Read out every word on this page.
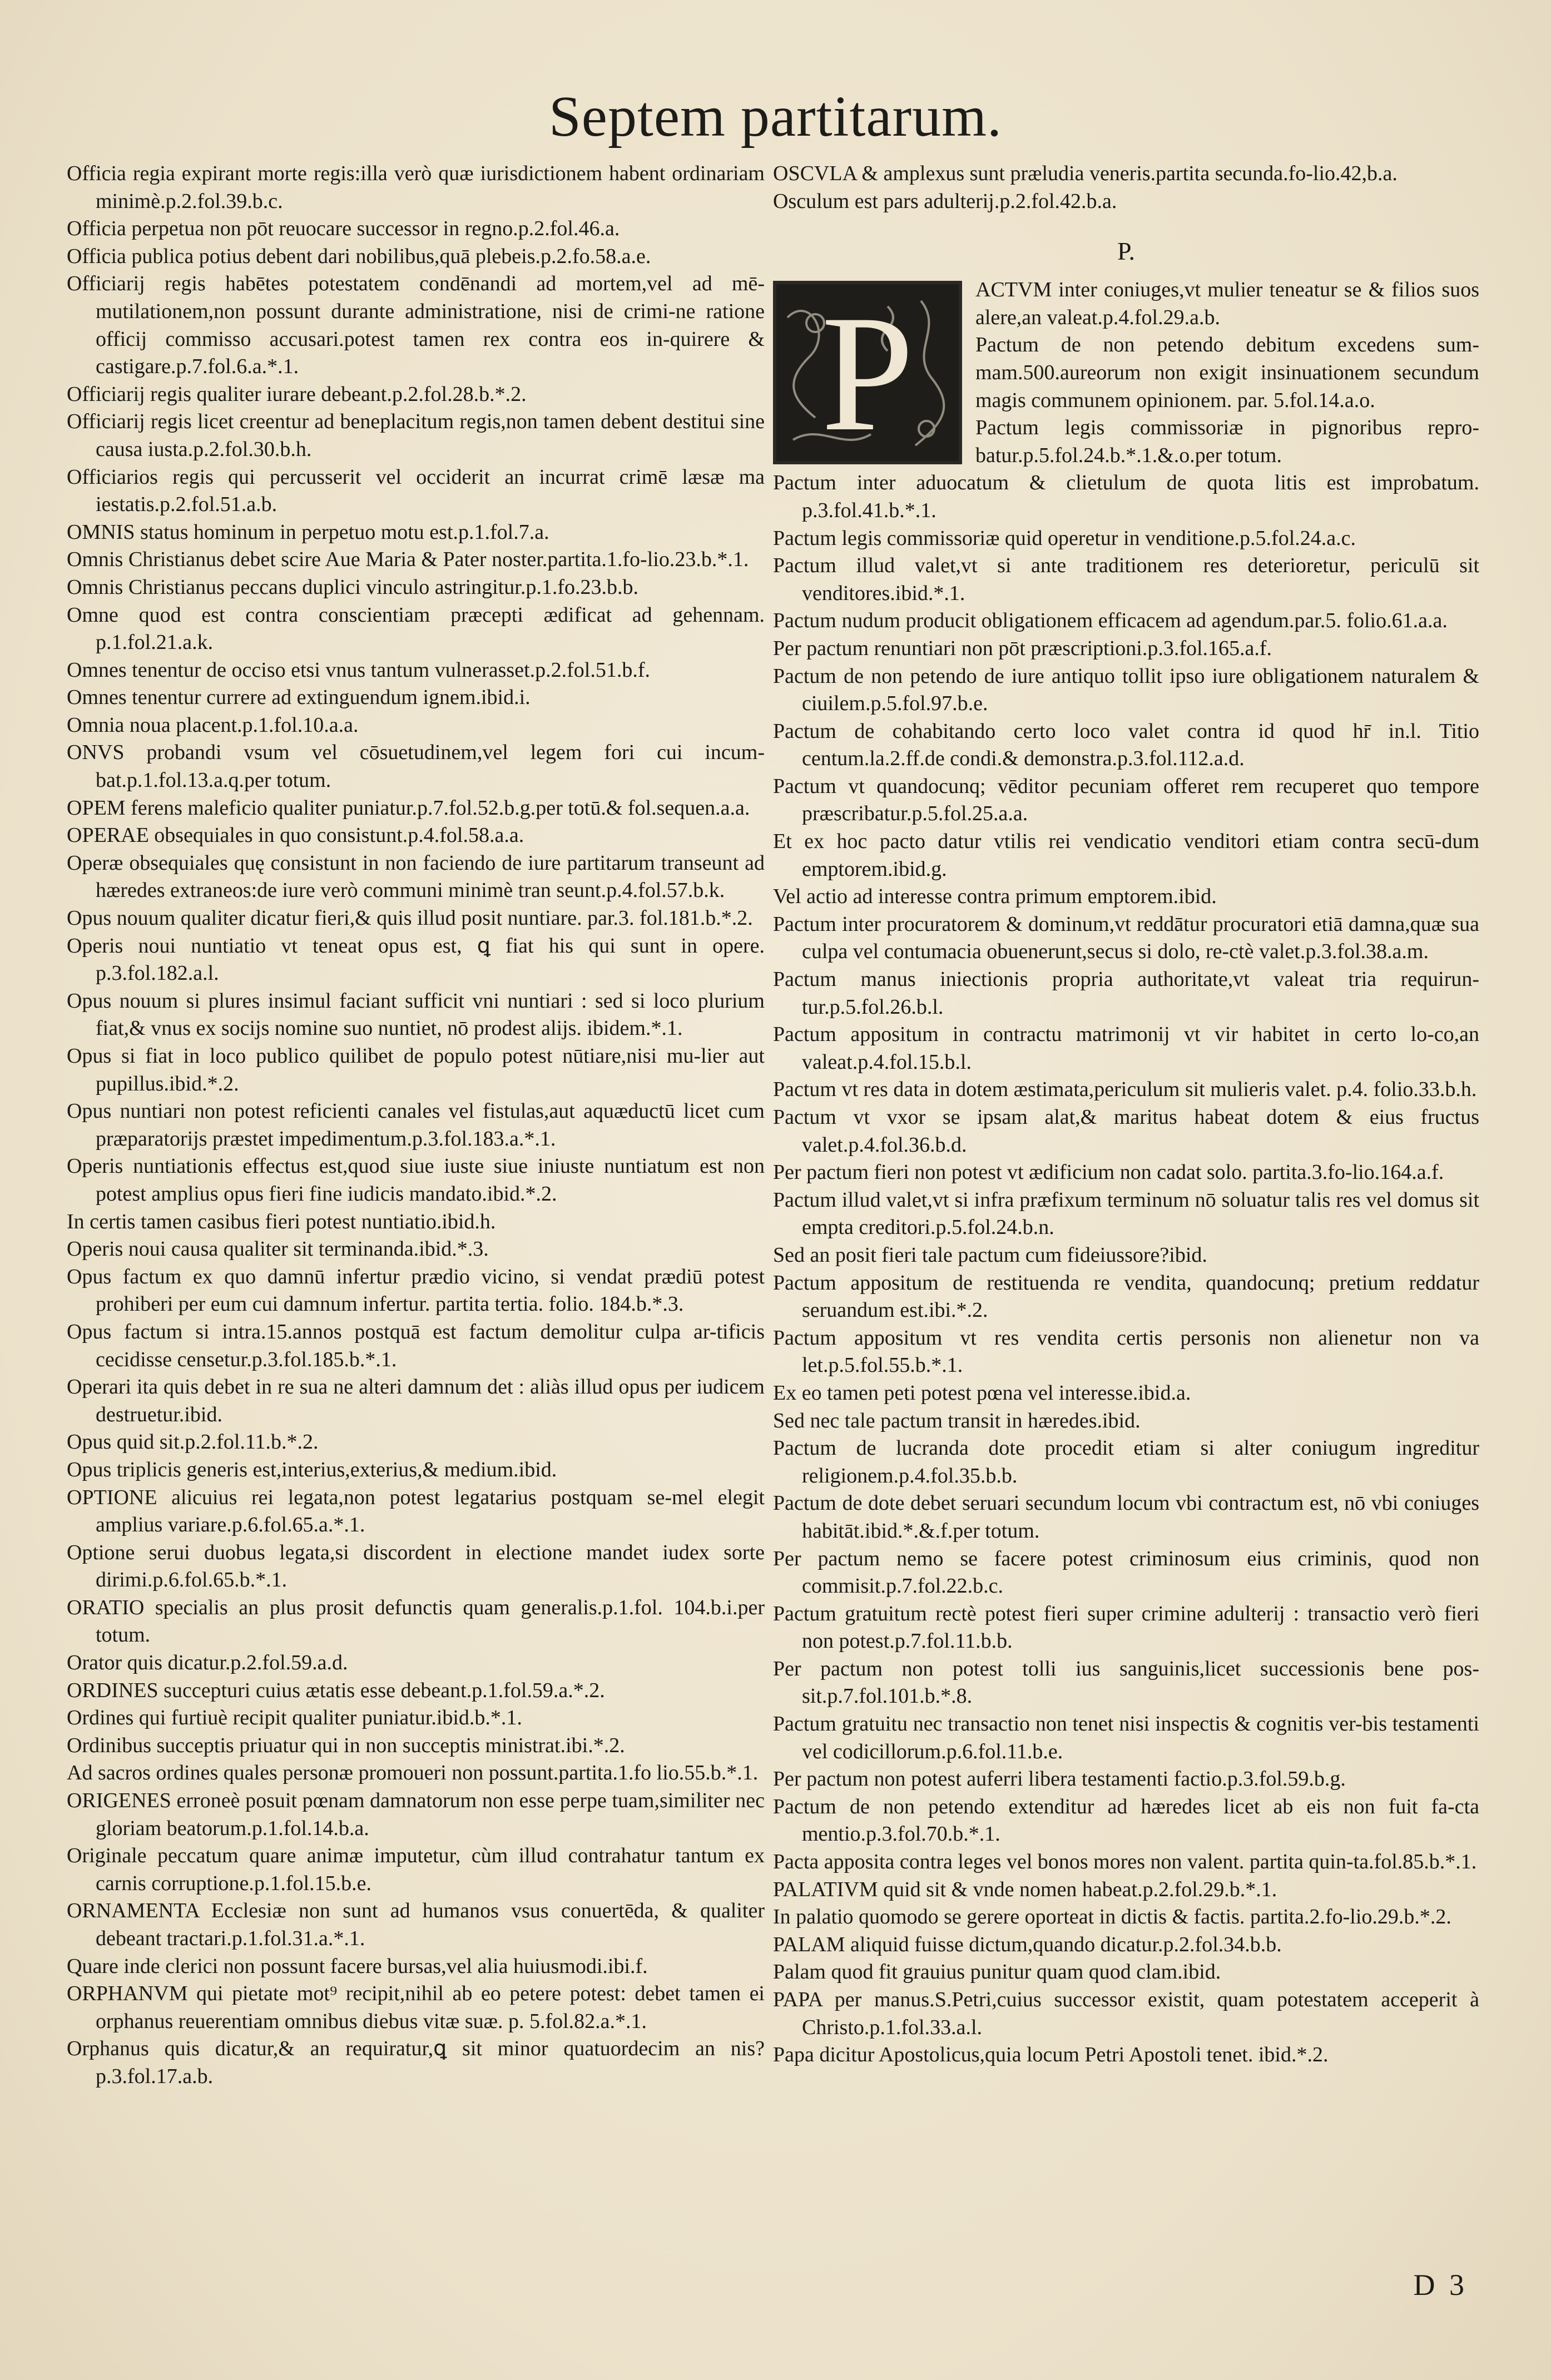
Septem partitarum.

Officia regia expirant morte regis:illa verò quæ iurisdictionem habent ordinariam minimè.p.2.fol.39.b.c.

Officia perpetua non pōt reuocare successor in regno.p.2.fol.46.a.

Officia publica potius debent dari nobilibus,quā plebeis.p.2.fo.58.a.e.

Officiarij regis habētes potestatem condēnandi ad mortem,vel ad mē-mutilationem,non possunt durante administratione, nisi de crimi-ne ratione officij commisso accusari.potest tamen rex contra eos in-quirere & castigare.p.7.fol.6.a.*.1.

Officiarij regis qualiter iurare debeant.p.2.fol.28.b.*.2.

Officiarij regis licet creentur ad beneplacitum regis,non tamen debent destitui sine causa iusta.p.2.fol.30.b.h.

Officiarios regis qui percusserit vel occiderit an incurrat crimē læsæ ma iestatis.p.2.fol.51.a.b.

OMNIS status hominum in perpetuo motu est.p.1.fol.7.a.

Omnis Christianus debet scire Aue Maria & Pater noster.partita.1.fo-lio.23.b.*.1.

Omnis Christianus peccans duplici vinculo astringitur.p.1.fo.23.b.b.

Omne quod est contra conscientiam præcepti ædificat ad gehennam. p.1.fol.21.a.k.

Omnes tenentur de occiso etsi vnus tantum vulnerasset.p.2.fol.51.b.f.

Omnes tenentur currere ad extinguendum ignem.ibid.i.

Omnia noua placent.p.1.fol.10.a.a.

ONVS probandi vsum vel cōsuetudinem,vel legem fori cui incum-bat.p.1.fol.13.a.q.per totum.

OPEM ferens maleficio qualiter puniatur.p.7.fol.52.b.g.per totū.& fol.sequen.a.a.

OPERAE obsequiales in quo consistunt.p.4.fol.58.a.a.

Operæ obsequiales quę consistunt in non faciendo de iure partitarum transeunt ad hæredes extraneos:de iure verò communi minimè tran seunt.p.4.fol.57.b.k.

Opus nouum qualiter dicatur fieri,& quis illud posit nuntiare. par.3. fol.181.b.*.2.

Operis noui nuntiatio vt teneat opus est, ꝗ fiat his qui sunt in opere. p.3.fol.182.a.l.

Opus nouum si plures insimul faciant sufficit vni nuntiari : sed si loco plurium fiat,& vnus ex socijs nomine suo nuntiet, nō prodest alijs. ibidem.*.1.

Opus si fiat in loco publico quilibet de populo potest nūtiare,nisi mu-lier aut pupillus.ibid.*.2.

Opus nuntiari non potest reficienti canales vel fistulas,aut aquæductū licet cum præparatorijs præstet impedimentum.p.3.fol.183.a.*.1.

Operis nuntiationis effectus est,quod siue iuste siue iniuste nuntiatum est non potest amplius opus fieri fine iudicis mandato.ibid.*.2.

In certis tamen casibus fieri potest nuntiatio.ibid.h.

Operis noui causa qualiter sit terminanda.ibid.*.3.

Opus factum ex quo damnū infertur prædio vicino, si vendat prædiū potest prohiberi per eum cui damnum infertur. partita tertia. folio. 184.b.*.3.

Opus factum si intra.15.annos postquā est factum demolitur culpa ar-tificis cecidisse censetur.p.3.fol.185.b.*.1.

Operari ita quis debet in re sua ne alteri damnum det : aliàs illud opus per iudicem destruetur.ibid.

Opus quid sit.p.2.fol.11.b.*.2.

Opus triplicis generis est,interius,exterius,& medium.ibid.

OPTIONE alicuius rei legata,non potest legatarius postquam se-mel elegit amplius variare.p.6.fol.65.a.*.1.

Optione serui duobus legata,si discordent in electione mandet iudex sorte dirimi.p.6.fol.65.b.*.1.

ORATIO specialis an plus prosit defunctis quam generalis.p.1.fol. 104.b.i.per totum.

Orator quis dicatur.p.2.fol.59.a.d.

ORDINES succepturi cuius ætatis esse debeant.p.1.fol.59.a.*.2.

Ordines qui furtiuè recipit qualiter puniatur.ibid.b.*.1.

Ordinibus succeptis priuatur qui in non succeptis ministrat.ibi.*.2.

Ad sacros ordines quales personæ promoueri non possunt.partita.1.fo lio.55.b.*.1.

ORIGENES erroneè posuit pœnam damnatorum non esse perpe tuam,similiter nec gloriam beatorum.p.1.fol.14.b.a.

Originale peccatum quare animæ imputetur, cùm illud contrahatur tantum ex carnis corruptione.p.1.fol.15.b.e.

ORNAMENTA Ecclesiæ non sunt ad humanos vsus conuertēda, & qualiter debeant tractari.p.1.fol.31.a.*.1.

Quare inde clerici non possunt facere bursas,vel alia huiusmodi.ibi.f.

ORPHANVM qui pietate mot⁹ recipit,nihil ab eo petere potest: debet tamen ei orphanus reuerentiam omnibus diebus vitæ suæ. p. 5.fol.82.a.*.1.

Orphanus quis dicatur,& an requiratur,ꝗ sit minor quatuordecim an nis?p.3.fol.17.a.b.

OSCVLA & amplexus sunt præludia veneris.partita secunda.fo-lio.42,b.a.

Osculum est pars adulterij.p.2.fol.42.b.a.

P.
P	ACTVM inter coniuges,vt mulier teneatur se & filios suos alere,an valeat.p.4.fol.29.a.b.

Pactum de non petendo debitum excedens sum-mam.500.aureorum non exigit insinuationem secundum magis communem opinionem. par. 5.fol.14.a.o.

Pactum legis commissoriæ in pignoribus repro-batur.p.5.fol.24.b.*.1.&.o.per totum.

Pactum inter aduocatum & clietulum de quota litis est improbatum. p.3.fol.41.b.*.1.

Pactum legis commissoriæ quid operetur in venditione.p.5.fol.24.a.c.

Pactum illud valet,vt si ante traditionem res deterioretur, periculū sit venditores.ibid.*.1.

Pactum nudum producit obligationem efficacem ad agendum.par.5. folio.61.a.a.

Per pactum renuntiari non pōt præscriptioni.p.3.fol.165.a.f.

Pactum de non petendo de iure antiquo tollit ipso iure obligationem naturalem & ciuilem.p.5.fol.97.b.e.

Pactum de cohabitando certo loco valet contra id quod hr̄ in.l. Titio centum.la.2.ff.de condi.& demonstra.p.3.fol.112.a.d.

Pactum vt quandocunq; vēditor pecuniam offeret rem recuperet quo tempore præscribatur.p.5.fol.25.a.a.

Et ex hoc pacto datur vtilis rei vendicatio venditori etiam contra secū-dum emptorem.ibid.g.

Vel actio ad interesse contra primum emptorem.ibid.

Pactum inter procuratorem & dominum,vt reddātur procuratori etiā damna,quæ sua culpa vel contumacia obuenerunt,secus si dolo, re-ctè valet.p.3.fol.38.a.m.

Pactum manus iniectionis propria authoritate,vt valeat tria requirun-tur.p.5.fol.26.b.l.

Pactum appositum in contractu matrimonij vt vir habitet in certo lo-co,an valeat.p.4.fol.15.b.l.

Pactum vt res data in dotem æstimata,periculum sit mulieris valet. p.4. folio.33.b.h.

Pactum vt vxor se ipsam alat,& maritus habeat dotem & eius fructus valet.p.4.fol.36.b.d.

Per pactum fieri non potest vt ædificium non cadat solo. partita.3.fo-lio.164.a.f.

Pactum illud valet,vt si infra præfixum terminum nō soluatur talis res vel domus sit empta creditori.p.5.fol.24.b.n.

Sed an posit fieri tale pactum cum fideiussore?ibid.

Pactum appositum de restituenda re vendita, quandocunq; pretium reddatur seruandum est.ibi.*.2.

Pactum appositum vt res vendita certis personis non alienetur non va let.p.5.fol.55.b.*.1.

Ex eo tamen peti potest pœna vel interesse.ibid.a.

Sed nec tale pactum transit in hæredes.ibid.

Pactum de lucranda dote procedit etiam si alter coniugum ingreditur religionem.p.4.fol.35.b.b.

Pactum de dote debet seruari secundum locum vbi contractum est, nō vbi coniuges habitāt.ibid.*.&.f.per totum.

Per pactum nemo se facere potest criminosum eius criminis, quod non commisit.p.7.fol.22.b.c.

Pactum gratuitum rectè potest fieri super crimine adulterij : transactio verò fieri non potest.p.7.fol.11.b.b.

Per pactum non potest tolli ius sanguinis,licet successionis bene pos-sit.p.7.fol.101.b.*.8.

Pactum gratuitu nec transactio non tenet nisi inspectis & cognitis ver-bis testamenti vel codicillorum.p.6.fol.11.b.e.

Per pactum non potest auferri libera testamenti factio.p.3.fol.59.b.g.

Pactum de non petendo extenditur ad hæredes licet ab eis non fuit fa-cta mentio.p.3.fol.70.b.*.1.

Pacta apposita contra leges vel bonos mores non valent. partita quin-ta.fol.85.b.*.1.

PALATIVM quid sit & vnde nomen habeat.p.2.fol.29.b.*.1.

In palatio quomodo se gerere oporteat in dictis & factis. partita.2.fo-lio.29.b.*.2.

PALAM aliquid fuisse dictum,quando dicatur.p.2.fol.34.b.b.

Palam quod fit grauius punitur quam quod clam.ibid.

PAPA per manus.S.Petri,cuius successor existit, quam potestatem acceperit à Christo.p.1.fol.33.a.l.

Papa dicitur Apostolicus,quia locum Petri Apostoli tenet. ibid.*.2.

D 3
